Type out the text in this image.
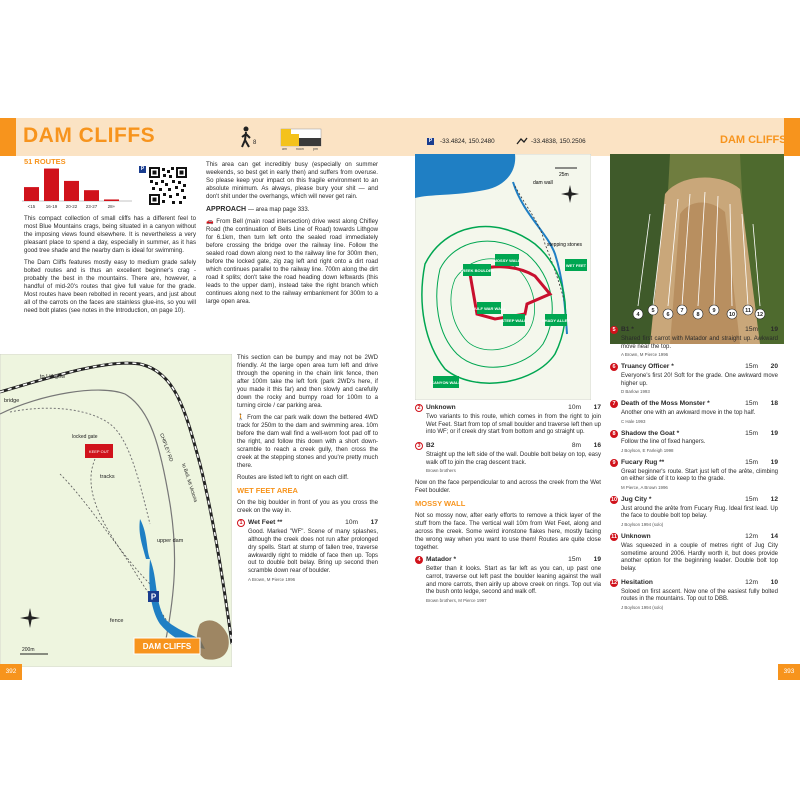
DAM CLIFFS	8
am	noon	pm
51 ROUTES
<15 16-19 20-22 23-27 28+
P

This compact collection of small cliffs has a different feel to most Blue Mountains crags, being situated in a canyon without the imposing views found elsewhere. It is nevertheless a very pleasant place to spend a day, especially in summer, as it has good tree shade and the nearby dam is ideal for swimming.

The Dam Cliffs features mostly easy to medium grade safely bolted routes and is thus an excellent beginner's crag - probably the best in the mountains. There are, however, a handful of mid-20's routes that give full value for the grade. Most routes have been rebolted in recent years, and just about all of the carrots on the faces are stainless glue-ins, so you will need bolt plates (see notes in the Introduction, on page 10).

This area can get incredibly busy (especially on summer weekends, so best get in early then) and suffers from overuse. So please keep your impact on this fragile environment to an absolute minimum. As always, please bury your shit — and don't shit under the overhangs, which will never get rain.

APPROACH — area map page 333.

🚗 From Bell (main road intersection) drive west along Chifley Road (the continuation of Bells Line of Road) towards Lithgow for 6.1km, then turn left onto the sealed road immediately before crossing the bridge over the railway line. Follow the sealed road down along next to the railway line for 300m then, before the locked gate, zig zag left and right onto a dirt road which continues parallel to the railway line. 700m along the dirt road it splits; don't take the road heading down leftwards (this leads to the upper dam), instead take the right branch which continues along next to the railway embankment for 300m to a large open area.

This section can be bumpy and may not be 2WD friendly. At the large open area turn left and drive through the opening in the chain link fence, then after 100m take the left fork (park 2WD's here, if you made it this far) and then slowly and carefully down the rocky and bumpy road for 100m to a turning circle / car parking area.

🚶 From the car park walk down the bettered 4WD track for 250m to the dam and swimming area. 10m before the dam wall find a well-worn foot pad off to the right, and follow this down with a short down-scramble to reach a creek gully, then cross the creek at the stepping stones and you're pretty much there.

Routes are listed left to right on each cliff.

WET FEET AREA

On the big boulder in front of you as you cross the creek on the way in.

1 Wet Feet **	10m	17
Good. Marked "WF". Scene of many splashes, although the creek does not run after prolonged dry spells. Start at stump of fallen tree, traverse awkwardly right to middle of face then up. Tops out to double bolt belay. Bring up second then scramble down rear of boulder.
A Brown, M Pierce 1996
KEEP OUT
locked gate
to Lithgow
bridge
CHIFLEY RD
to Bell, Mt Victoria
tracks
upper dam
fence
P
DAM CLIFFS
200m
392
P -33.4824, 150.2480	-33.4838, 150.2506	DAM CLIFFS
dam wall
stepping stones
CREEK BOULDER
MOSSY WALL
WET FEET
GULF WAR WALL
STEEP WALL	SHADY ALLEY
CANYON WALL
25m
4
5
6
7
8
9
10
11
12
2 Unknown	10m	17
Two variants to this route, which comes in from the right to join Wet Feet. Start from top of small boulder and traverse left then up into WF; or if creek dry start from bottom and go straight up.
3 B2	8m	16
Straight up the left side of the wall. Double bolt belay on top, easy walk off to join the crag descent track.
Brown brothers

Now on the face perpendicular to and across the creek from the Wet Feet boulder.

MOSSY WALL

Not so mossy now, after early efforts to remove a thick layer of the stuff from the face. The vertical wall 10m from Wet Feet, along and across the creek. Some weird ironstone flakes here, mostly facing the wrong way when you want to use them! Routes are quite close together.

4 Matador *	15m	19
Better than it looks. Start as far left as you can, up past one carrot, traverse out left past the boulder leaning against the wall and more carrots, then airily up above creek on rings. Top out via the bush onto ledge, second and walk off.
Brown brothers, M Pierce 1997
5 B1 *	15m	19
Shared first carrot with Matador and straight up. Awkward move near the top.
A Brown, M Pierce 1996
6 Truancy Officer *	15m	20
Everyone's first 20! Soft for the grade. One awkward move higher up.
D Barlow 1993
7 Death of the Moss Monster *	15m	18
Another one with an awkward move in the top half.
C Hale 1993
8 Shadow the Goat *	15m	19
Follow the line of fixed hangers.
J Boylson, E Farleigh 1998
9 Fucary Rug **	15m	19
Great beginner's route. Start just left of the arête, climbing on either side of it to keep to the grade.
M Pierce, A Brown 1996
10 Jug City *	15m	12
Just around the arête from Fucary Rug. Ideal first lead. Up the face to double bolt top belay.
J Boylson 1994 (solo)
11 Unknown	12m	14
Was squeezed in a couple of metres right of Jug City sometime around 2006. Hardly worth it, but does provide another option for the beginning leader. Double bolt top belay.
12 Hesitation	12m	10
Soloed on first ascent. Now one of the easiest fully bolted routes in the mountains. Top out to DBB.
J Boylson 1994 (solo)
393
